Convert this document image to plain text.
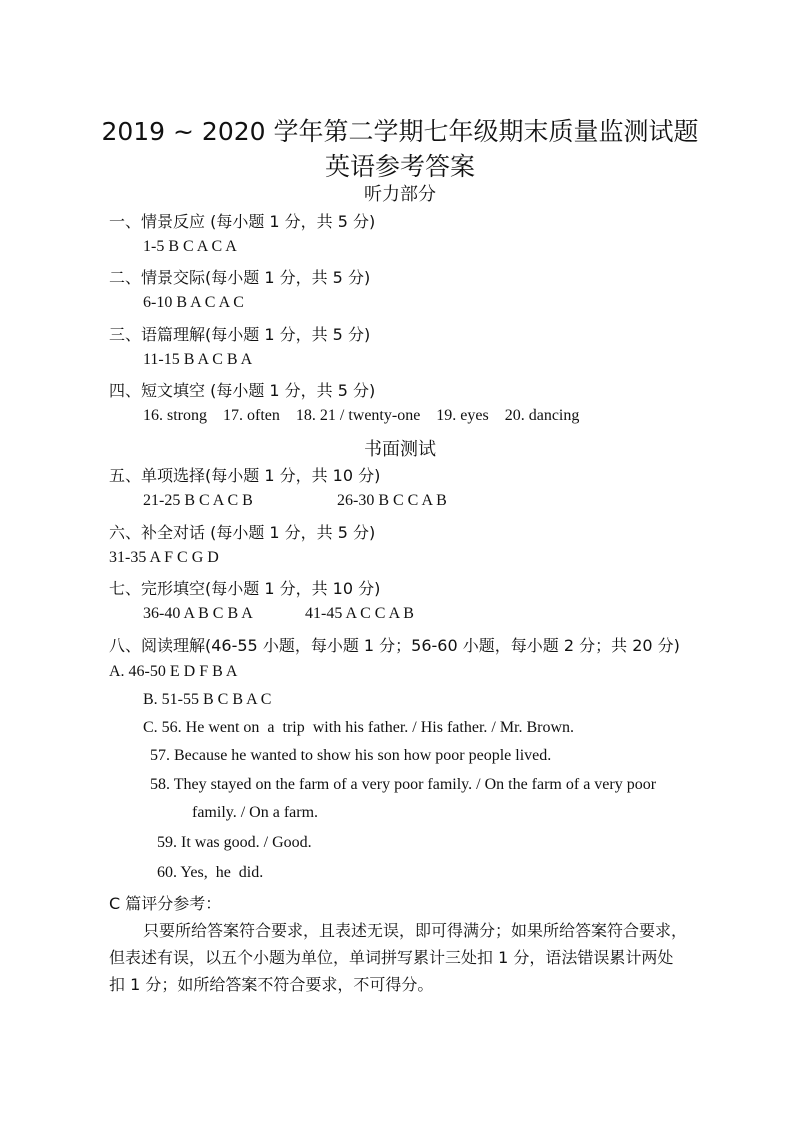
2019 ~ 2020 学年第二学期七年级期末质量监测试题
英语参考答案
听力部分
一、情景反应 (每小题 1 分，共 5 分)
1-5 B C A C A
二、情景交际(每小题 1 分，共 5 分)
6-10 B A C A C
三、语篇理解(每小题 1 分，共 5 分)
11-15 B A C B A
四、短文填空 (每小题 1 分，共 5 分)
16. strong    17. often    18. 21 / twenty-one    19. eyes    20. dancing
书面测试
五、单项选择(每小题 1 分，共 10 分)
21-25 B C A C B	26-30 B C C A B
六、补全对话 (每小题 1 分，共 5 分)
31-35 A F C G D
七、完形填空(每小题 1 分，共 10 分)
36-40 A B C B A	41-45 A C C A B
八、阅读理解(46-55 小题，每小题 1 分；56-60 小题，每小题 2 分；共 20 分)
A. 46-50 E D F B A
B. 51-55 B C B A C
C. 56. He went on  a  trip  with his father. / His father. / Mr. Brown.
57. Because he wanted to show his son how poor people lived.
58. They stayed on the farm of a very poor family. / On the farm of a very poor
family. / On a farm.
59. It was good. / Good.
60. Yes,  he  did.
C 篇评分参考：
只要所给答案符合要求，且表述无误，即可得满分；如果所给答案符合要求，
但表述有误，以五个小题为单位，单词拼写累计三处扣 1 分，语法错误累计两处
扣 1 分；如所给答案不符合要求，不可得分。
